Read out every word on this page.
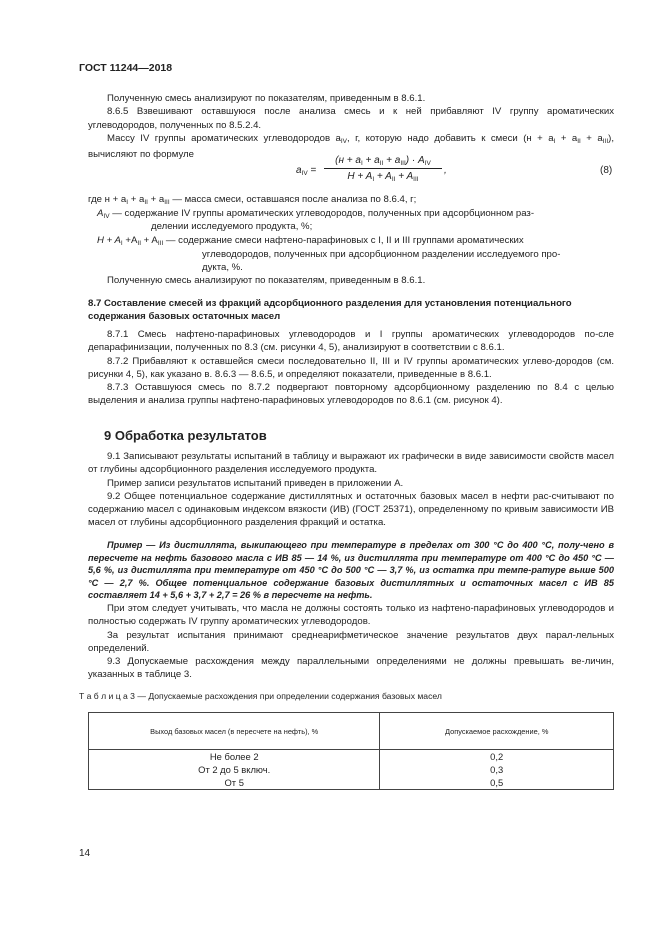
ГОСТ 11244—2018

Полученную смесь анализируют по показателям, приведенным в 8.6.1.

8.6.5 Взвешивают оставшуюся после анализа смесь и к ней прибавляют IV группу ароматических углеводородов, полученных по 8.5.2.4.

Массу IV группы ароматических углеводородов $a_{IV}$, г, которую надо добавить к смеси $(н + a_I + a_{II} + a_{III})$, вычисляют по формуле

$a_{IV}$ =
$(н + a_I + a_{II} + a_{III}) \cdot A_{IV}$
$H + A_I + A_{II} + A_{III}$
,	(8)
где $н + a_I + a_{II} + a_{III}$ — масса смеси, оставшаяся после анализа по 8.6.4, г;
$A_{IV}$ — содержание IV группы ароматических углеводородов, полученных при адсорбционном раз-
делении исследуемого продукта, %;
$H + A_I +A_{II} + A_{III}$ — содержание смеси нафтено-парафиновых с I, II и III группами ароматических
углеводородов, полученных при адсорбционном разделении исследуемого про-
дукта, %.

Полученную смесь анализируют по показателям, приведенным в 8.6.1.

8.7 Составление смесей из фракций адсорбционного разделения для установления потенциального содержания базовых остаточных масел

8.7.1 Смесь нафтено-парафиновых углеводородов и I группы ароматических углеводородов по-сле депарафинизации, полученных по 8.3 (см. рисунки 4, 5), анализируют в соответствии с 8.6.1.

8.7.2 Прибавляют к оставшейся смеси последовательно II, III и IV группы ароматических углево-дородов (см. рисунки 4, 5), как указано в. 8.6.3 — 8.6.5, и определяют показатели, приведенные в 8.6.1.

8.7.3 Оставшуюся смесь по 8.7.2 подвергают повторному адсорбционному разделению по 8.4 с целью выделения и анализа группы нафтено-парафиновых углеводородов по 8.6.1 (см. рисунок 4).

9 Обработка результатов

9.1 Записывают результаты испытаний в таблицу и выражают их графически в виде зависимости свойств масел от глубины адсорбционного разделения исследуемого продукта.

Пример записи результатов испытаний приведен в приложении А.

9.2 Общее потенциальное содержание дистиллятных и остаточных базовых масел в нефти рас-считывают по содержанию масел с одинаковым индексом вязкости (ИВ) (ГОСТ 25371), определенному по кривым зависимости ИВ масел от глубины адсорбционного разделения фракций и остатка.

Пример — Из дистиллята, выкипающего при температуре в пределах от 300 °С до 400 °С, полу-чено в пересчете на нефть базового масла с ИВ 85 — 14 %, из дистиллята при температуре от 400 °С до 450 °С — 5,6 %, из дистиллята при температуре от 450 °С до 500 °С — 3,7 %, из остатка при темпе-ратуре выше 500 °С — 2,7 %. Общее потенциальное содержание базовых дистиллятных и остаточных масел с ИВ 85 составляет 14 + 5,6 + 3,7 + 2,7 = 26 % в пересчете на нефть.

При этом следует учитывать, что масла не должны состоять только из нафтено-парафиновых углеводородов и полностью содержать IV группу ароматических углеводородов.

За результат испытания принимают среднеарифметическое значение результатов двух парал-лельных определений.

9.3 Допускаемые расхождения между параллельными определениями не должны превышать ве-личин, указанных в таблице 3.

Т а б л и ц а 3 — Допускаемые расхождения при определении содержания базовых масел
Выход базовых масел (в пересчете на нефть), %	Допускаемое расхождение, %
Не более 2	0,2
От 2 до 5 включ.	0,3
От 5	0,5
14
